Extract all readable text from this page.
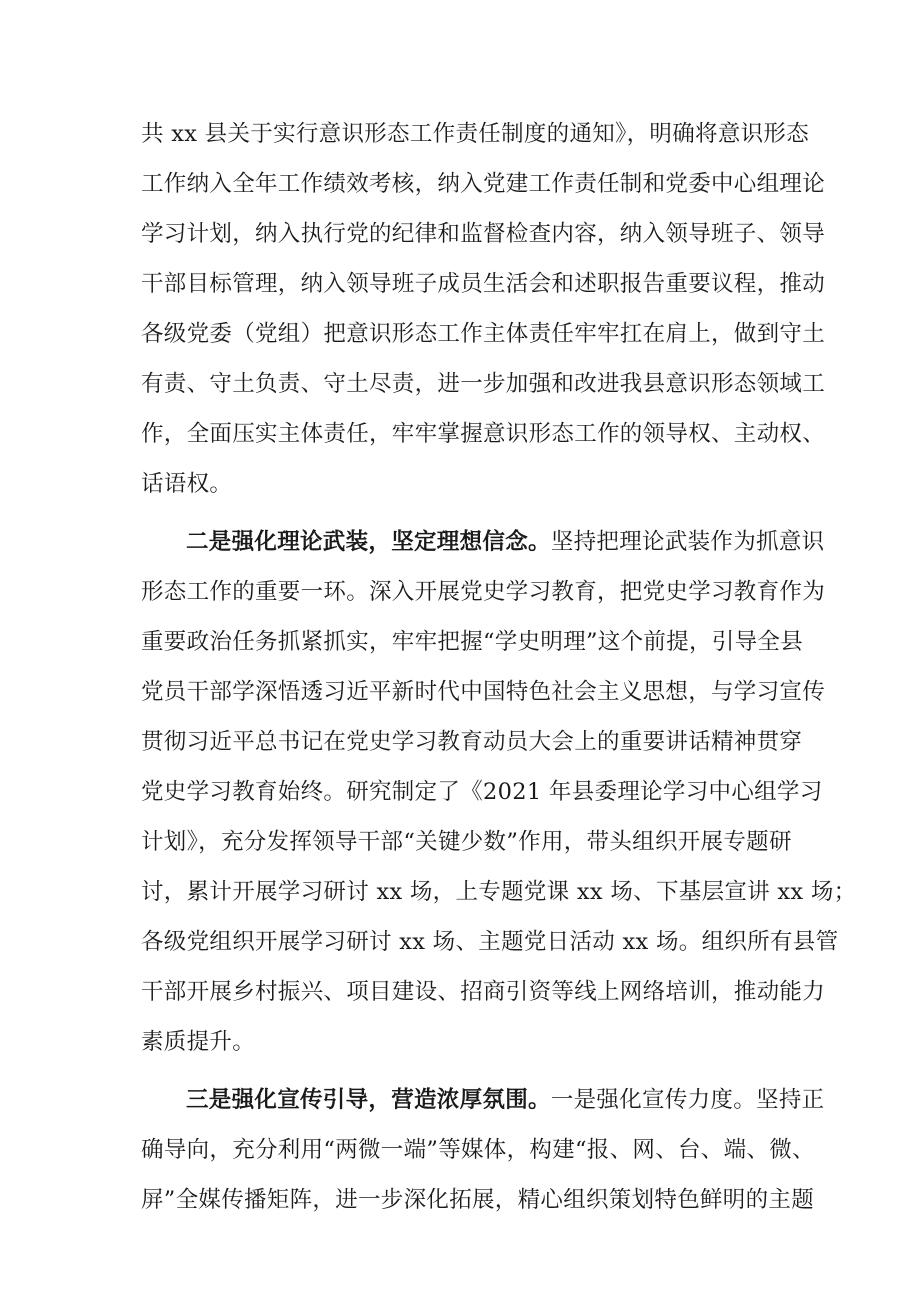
共 xx 县关于实行意识形态工作责任制度的通知》，明确将意识形态
工作纳入全年工作绩效考核，纳入党建工作责任制和党委中心组理论
学习计划，纳入执行党的纪律和监督检查内容，纳入领导班子、领导
干部目标管理，纳入领导班子成员生活会和述职报告重要议程，推动
各级党委（党组）把意识形态工作主体责任牢牢扛在肩上，做到守土
有责、守土负责、守土尽责，进一步加强和改进我县意识形态领域工
作，全面压实主体责任，牢牢掌握意识形态工作的领导权、主动权、
话语权。
二是强化理论武装，坚定理想信念。坚持把理论武装作为抓意识
形态工作的重要一环。深入开展党史学习教育，把党史学习教育作为
重要政治任务抓紧抓实，牢牢把握“学史明理”这个前提，引导全县
党员干部学深悟透习近平新时代中国特色社会主义思想，与学习宣传
贯彻习近平总书记在党史学习教育动员大会上的重要讲话精神贯穿
党史学习教育始终。研究制定了《2021 年县委理论学习中心组学习
计划》，充分发挥领导干部“关键少数”作用，带头组织开展专题研
讨，累计开展学习研讨 xx 场，上专题党课 xx 场、下基层宣讲 xx 场；
各级党组织开展学习研讨 xx 场、主题党日活动 xx 场。组织所有县管
干部开展乡村振兴、项目建设、招商引资等线上网络培训，推动能力
素质提升。
三是强化宣传引导，营造浓厚氛围。一是强化宣传力度。坚持正
确导向，充分利用“两微一端”等媒体，构建“报、网、台、端、微、
屏”全媒传播矩阵，进一步深化拓展，精心组织策划特色鲜明的主题
